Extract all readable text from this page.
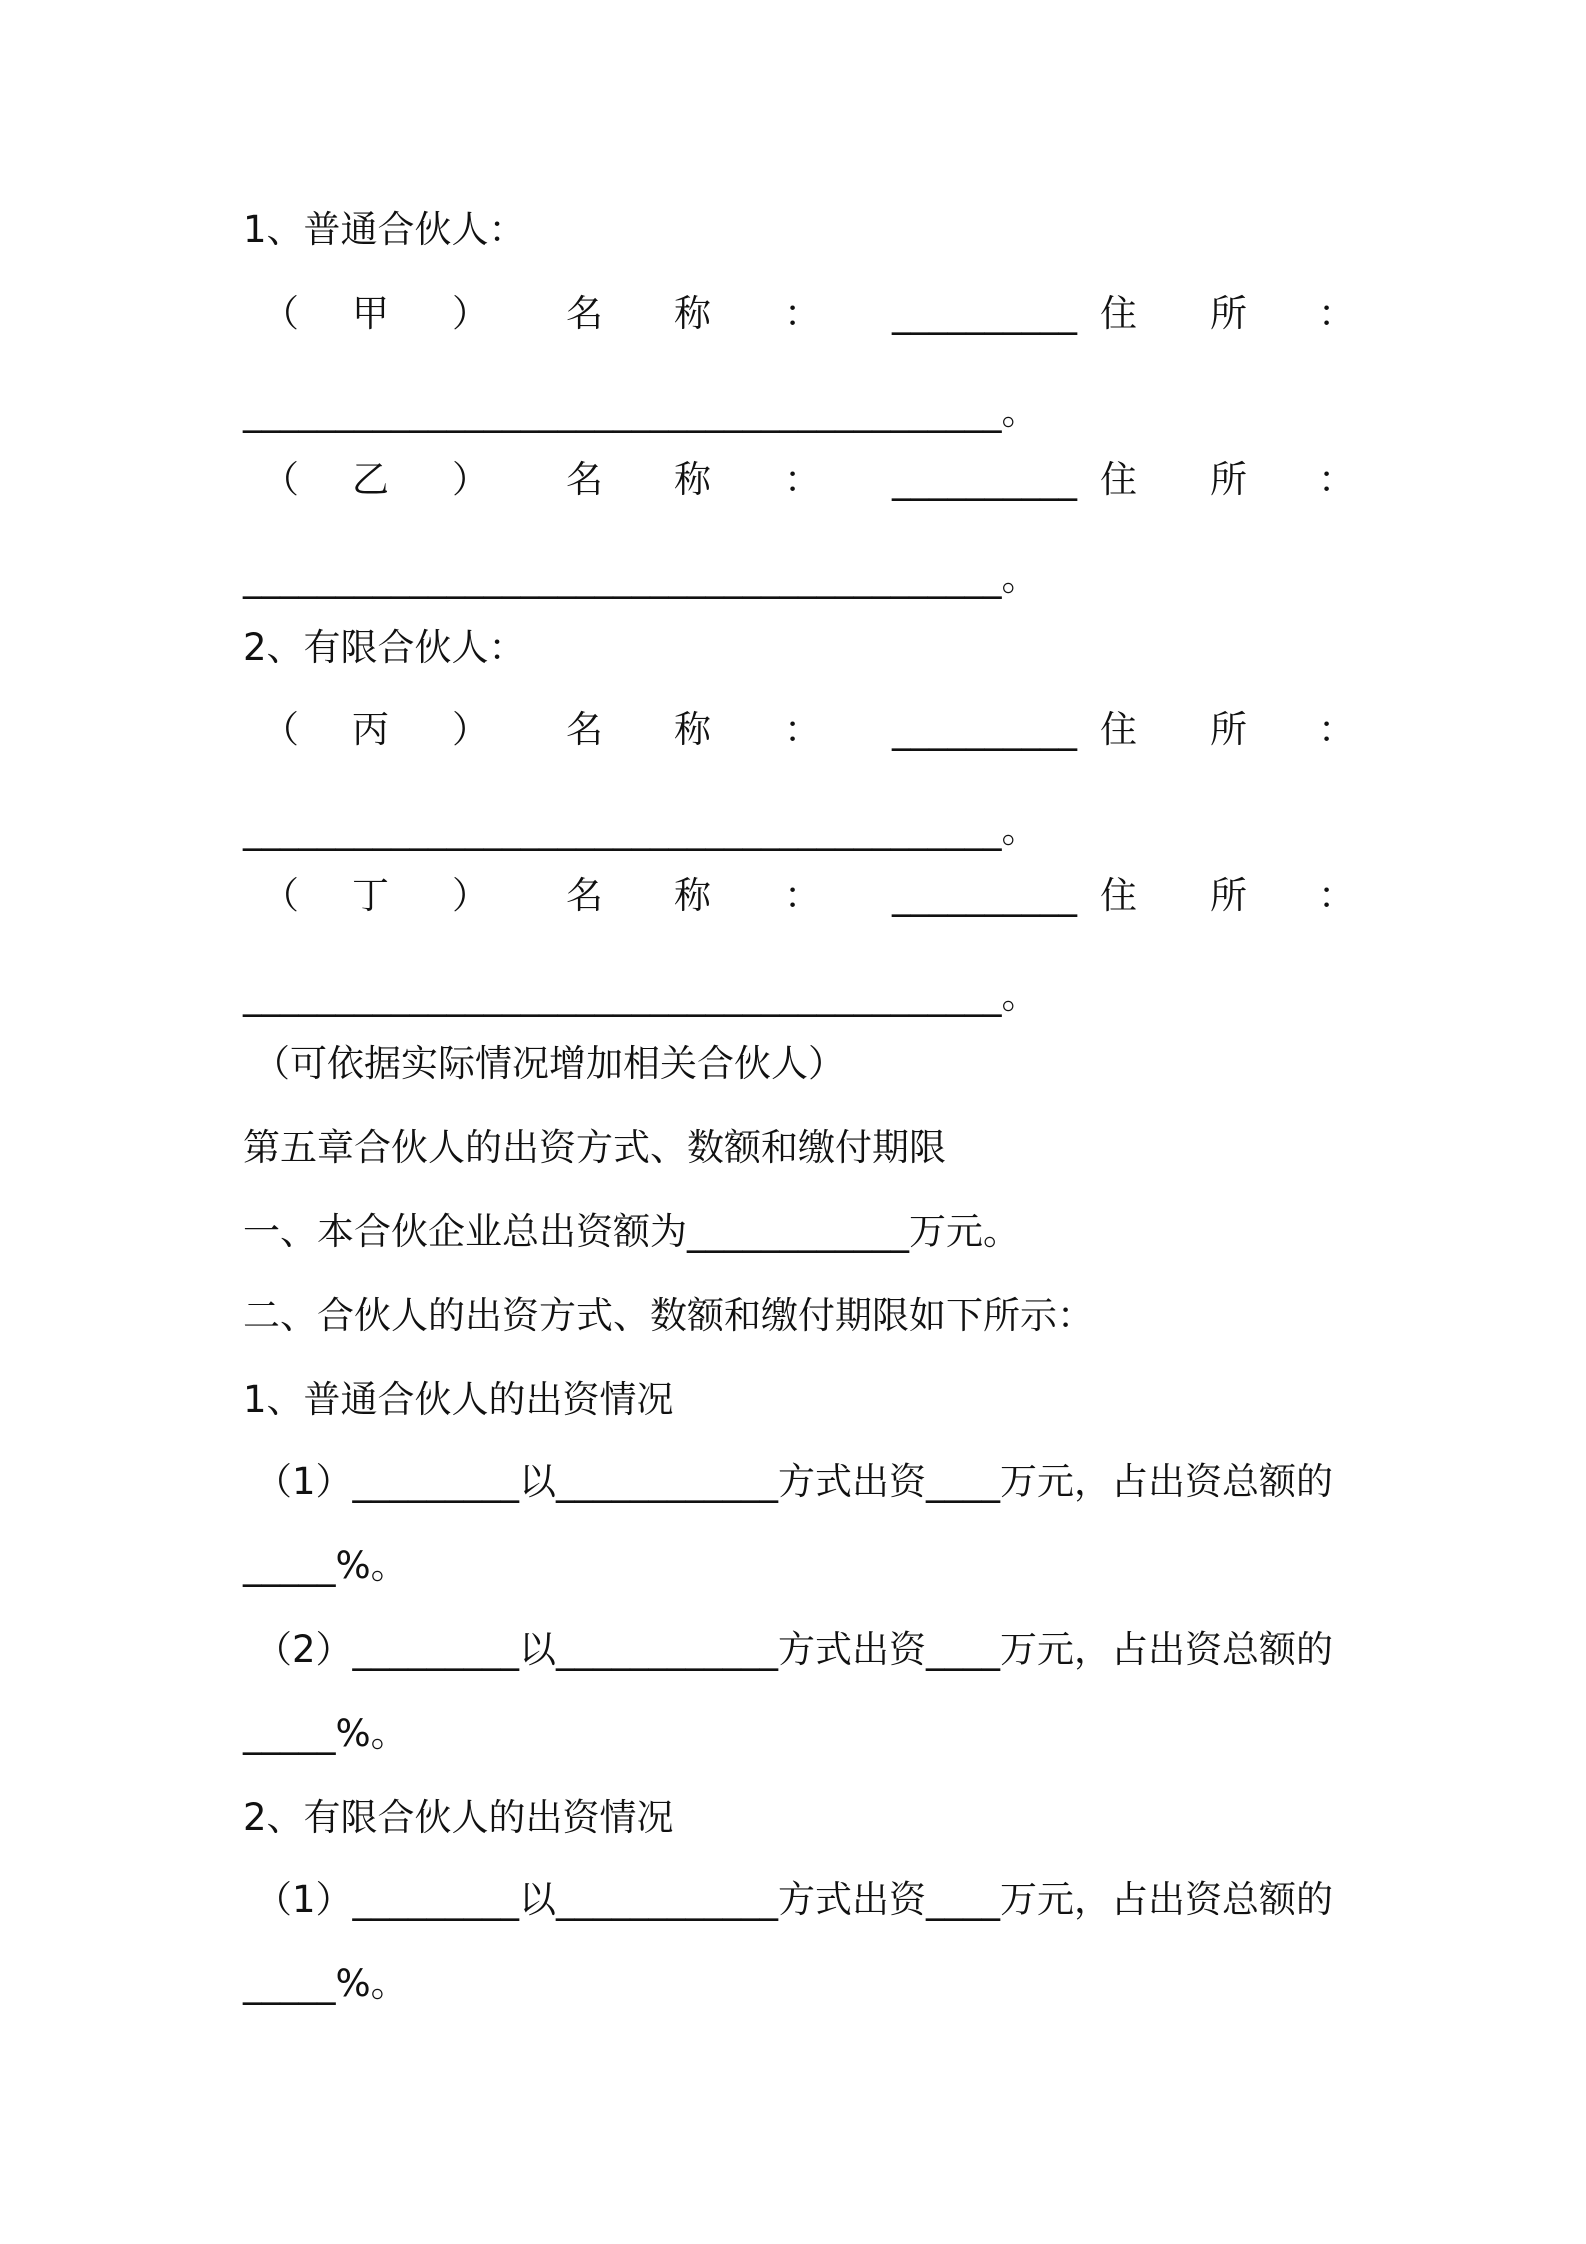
1、普通合伙人：
（ 甲 ） 名 称 ： __________ 住 所 ：
_________________________________________。
（ 乙 ） 名 称 ： __________ 住 所 ：
_________________________________________。
2、有限合伙人：
（ 丙 ） 名 称 ： __________ 住 所 ：
_________________________________________。
（ 丁 ） 名 称 ： __________ 住 所 ：
_________________________________________。
（可依据实际情况增加相关合伙人）
第五章合伙人的出资方式、数额和缴付期限
一、本合伙企业总出资额为____________万元。
二、合伙人的出资方式、数额和缴付期限如下所示：
1、普通合伙人的出资情况
（1）_________以____________方式出资____万元，占出资总额的
_____%。
（2）_________以____________方式出资____万元，占出资总额的
_____%。
2、有限合伙人的出资情况
（1）_________以____________方式出资____万元，占出资总额的
_____%。
